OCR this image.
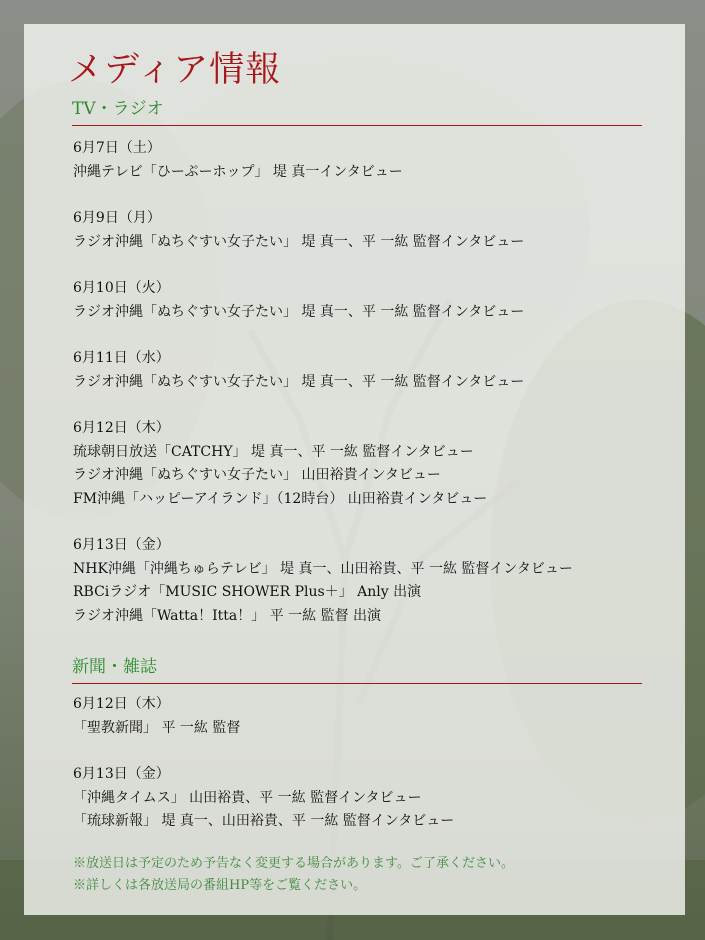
メディア情報
TV・ラジオ
6月7日（土）
沖縄テレビ「ひーぷーホップ」 堤 真一インタビュー
6月9日（月）
ラジオ沖縄「ぬちぐすい女子たい」 堤 真一、平 一紘 監督インタビュー
6月10日（火）
ラジオ沖縄「ぬちぐすい女子たい」 堤 真一、平 一紘 監督インタビュー
6月11日（水）
ラジオ沖縄「ぬちぐすい女子たい」 堤 真一、平 一紘 監督インタビュー
6月12日（木）
琉球朝日放送「CATCHY」 堤 真一、平 一紘 監督インタビュー
ラジオ沖縄「ぬちぐすい女子たい」 山田裕貴インタビュー
FM沖縄「ハッピーアイランド」（12時台） 山田裕貴インタビュー
6月13日（金）
NHK沖縄「沖縄ちゅらテレビ」 堤 真一、山田裕貴、平 一紘 監督インタビュー
RBCiラジオ「MUSIC SHOWER Plus＋」 Anly 出演
ラジオ沖縄「Watta！Itta！」 平 一紘 監督 出演
新聞・雑誌
6月12日（木）
「聖教新聞」 平 一紘 監督
6月13日（金）
「沖縄タイムス」 山田裕貴、平 一紘 監督インタビュー
「琉球新報」 堤 真一、山田裕貴、平 一紘 監督インタビュー
※放送日は予定のため予告なく変更する場合があります。ご了承ください。
※詳しくは各放送局の番組HP等をご覧ください。
